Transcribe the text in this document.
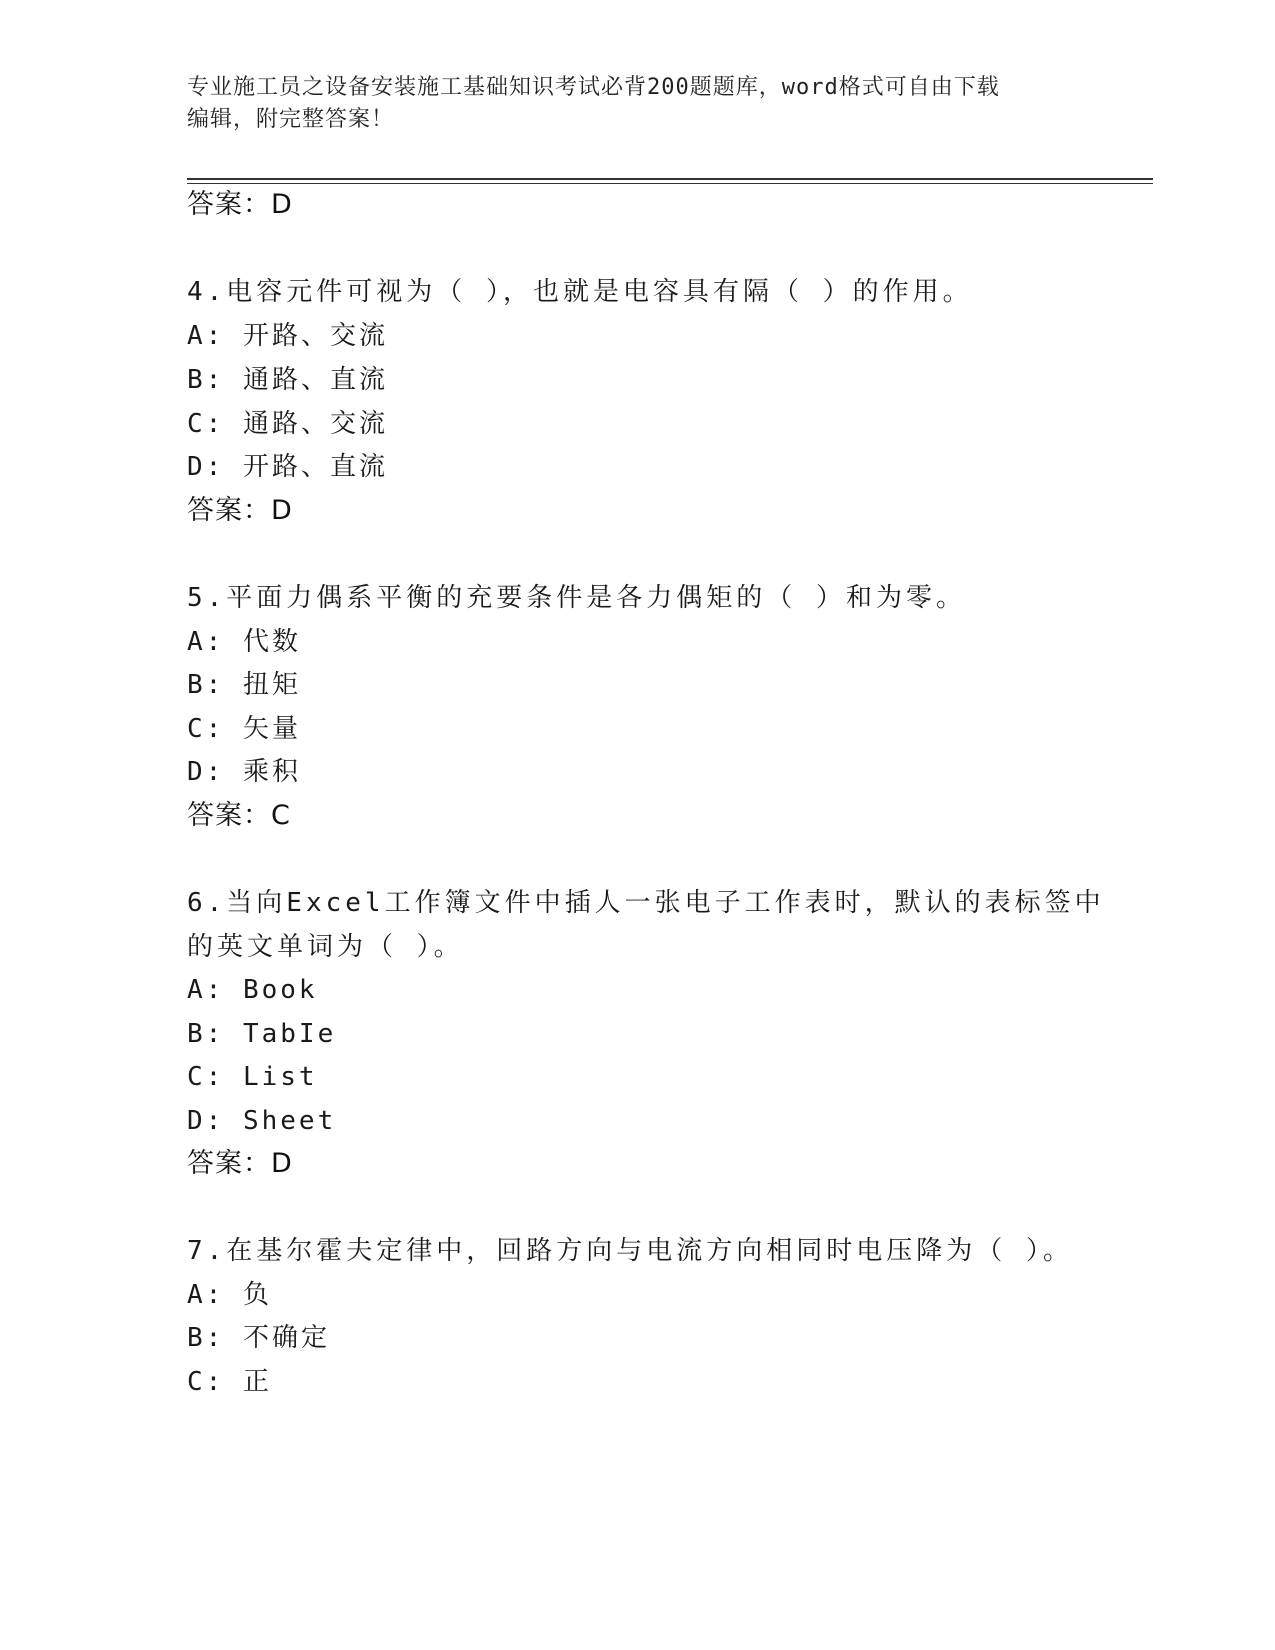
专业施工员之设备安装施工基础知识考试必背200题题库，word格式可自由下载
编辑，附完整答案！
答案：D
4.电容元件可视为（ ），也就是电容具有隔（ ）的作用。
A: 开路、交流
B: 通路、直流
C: 通路、交流
D: 开路、直流
答案：D
5.平面力偶系平衡的充要条件是各力偶矩的（ ）和为零。
A: 代数
B: 扭矩
C: 矢量
D: 乘积
答案：C
6.当向Excel工作簿文件中插人一张电子工作表时，默认的表标签中
的英文单词为（ ）。
A: Book
B: TabIe
C: List
D: Sheet
答案：D
7.在基尔霍夫定律中，回路方向与电流方向相同时电压降为（ ）。
A: 负
B: 不确定
C: 正
